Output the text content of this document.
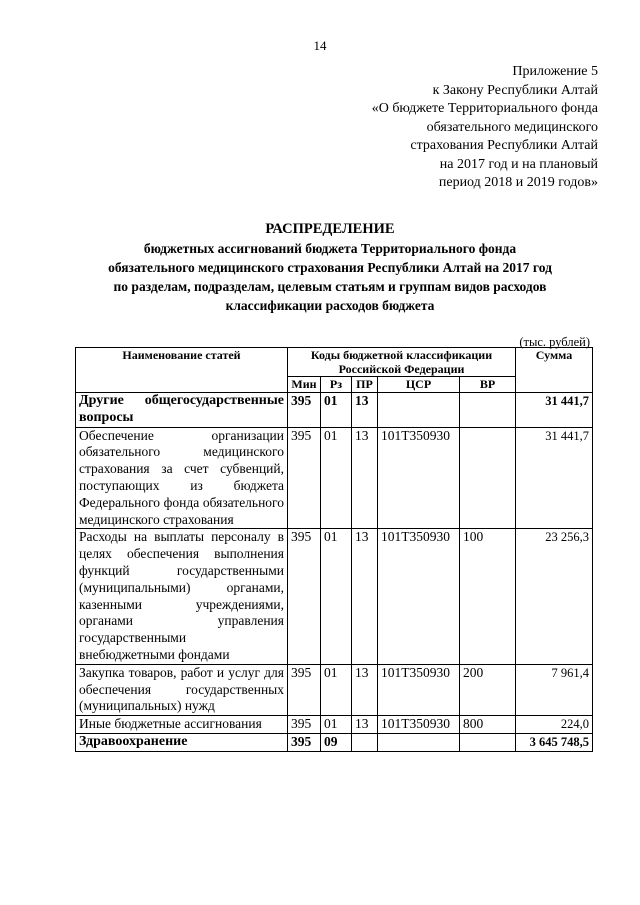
14
Приложение 5
к Закону Республики Алтай
«О бюджете Территориального фонда
обязательного медицинского
страхования Республики Алтай
на 2017 год и на плановый
период 2018 и 2019 годов»
РАСПРЕДЕЛЕНИЕ
бюджетных ассигнований бюджета Территориального фонда
обязательного медицинского страхования Республики Алтай на 2017 год
по разделам, подразделам, целевым статьям и группам видов расходов
классификации расходов бюджета
(тыс. рублей)
Наименование статей	Коды бюджетной классификации Российской Федерации					Сумма
	Мин	Рз	ПР	ЦСР	ВР	
Другие общегосударственные вопросы	395	01	13			31 441,7
Обеспечение организации обязательного медицинского страхования за счет субвенций, поступающих из бюджета Федерального фонда обязательного медицинского страхования	395	01	13	101T350930		31 441,7
Расходы на выплаты персоналу в целях обеспечения выполнения функций государственными (муниципальными) органами, казенными учреждениями, органами управления государственными внебюджетными фондами	395	01	13	101T350930	100	23 256,3
Закупка товаров, работ и услуг для обеспечения государственных (муниципальных) нужд	395	01	13	101T350930	200	7 961,4
Иные бюджетные ассигнования	395	01	13	101T350930	800	224,0
Здравоохранение	395	09				3 645 748,5
